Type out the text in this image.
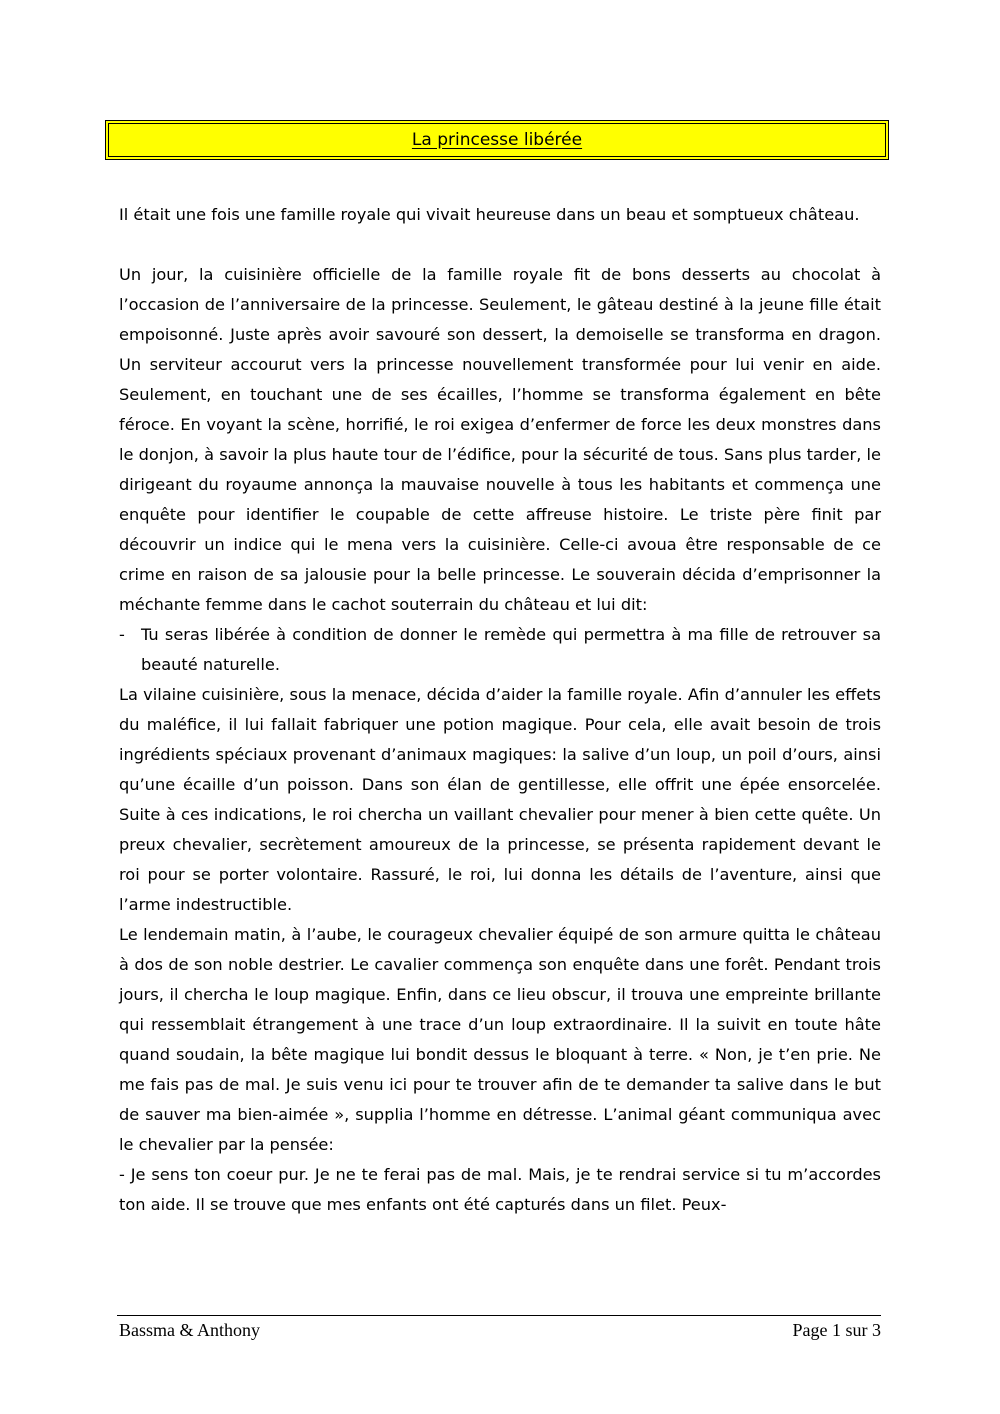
La princesse libérée

Il était une fois une famille royale qui vivait heureuse dans un beau et somptueux château.

Un jour, la cuisinière officielle de la famille royale fit de bons desserts au chocolat à l’occasion de l’anniversaire de la princesse. Seulement, le gâteau destiné à la jeune fille était empoisonné. Juste après avoir savouré son dessert, la demoiselle se transforma en dragon. Un serviteur accourut vers la princesse nouvellement transformée pour lui venir en aide. Seulement, en touchant une de ses écailles, l’homme se transforma également en bête féroce. En voyant la scène, horrifié, le roi exigea d’enfermer de force les deux monstres dans le donjon, à savoir la plus haute tour de l’édifice, pour la sécurité de tous. Sans plus tarder, le dirigeant du royaume annonça la mauvaise nouvelle à tous les habitants et commença une enquête pour identifier le coupable de cette affreuse histoire. Le triste père finit par découvrir un indice qui le mena vers la cuisinière. Celle-ci avoua être responsable de ce crime en raison de sa jalousie pour la belle princesse. Le souverain décida d’emprisonner la méchante femme dans le cachot souterrain du château et lui dit:

- Tu seras libérée à condition de donner le remède qui permettra à ma fille de retrouver sa beauté naturelle.

La vilaine cuisinière, sous la menace, décida d’aider la famille royale. Afin d’annuler les effets du maléfice, il lui fallait fabriquer une potion magique. Pour cela, elle avait besoin de trois ingrédients spéciaux provenant d’animaux magiques: la salive d’un loup, un poil d’ours, ainsi qu’une écaille d’un poisson. Dans son élan de gentillesse, elle offrit une épée ensorcelée. Suite à ces indications, le roi chercha un vaillant chevalier pour mener à bien cette quête. Un preux chevalier, secrètement amoureux de la princesse, se présenta rapidement devant le roi pour se porter volontaire. Rassuré, le roi, lui donna les détails de l’aventure, ainsi que l’arme indestructible.

Le lendemain matin, à l’aube, le courageux chevalier équipé de son armure quitta le château à dos de son noble destrier. Le cavalier commença son enquête dans une forêt. Pendant trois jours, il chercha le loup magique. Enfin, dans ce lieu obscur, il trouva une empreinte brillante qui ressemblait étrangement à une trace d’un loup extraordinaire. Il la suivit en toute hâte quand soudain, la bête magique lui bondit dessus le bloquant à terre. « Non, je t’en prie. Ne me fais pas de mal. Je suis venu ici pour te trouver afin de te demander ta salive dans le but de sauver ma bien-aimée », supplia l’homme en détresse. L’animal géant communiqua avec le chevalier par la pensée:

- Je sens ton coeur pur. Je ne te ferai pas de mal. Mais, je te rendrai service si tu m’accordes ton aide. Il se trouve que mes enfants ont été capturés dans un filet. Peux-

Bassma & Anthony	Page 1 sur 3
